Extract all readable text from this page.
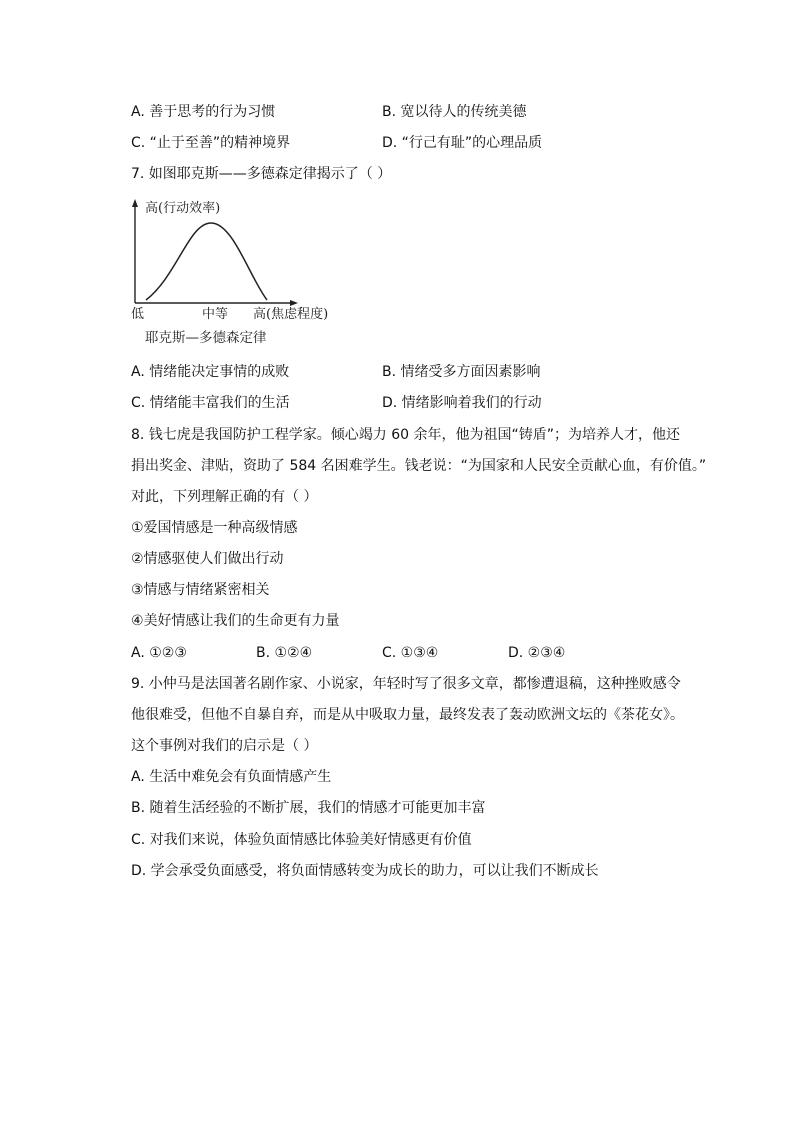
A. 善于思考的行为习惯	B. 宽以待人的传统美德
C. “止于至善”的精神境界	D. “行己有耻”的心理品质
7. 如图耶克斯——多德森定律揭示了（ ）
高(行动效率)
低	中等 高(焦虑程度)
耶克斯—多德森定律
A. 情绪能决定事情的成败	B. 情绪受多方面因素影响
C. 情绪能丰富我们的生活	D. 情绪影响着我们的行动
8. 钱七虎是我国防护工程学家。倾心竭力 60 余年，他为祖国“铸盾”；为培养人才，他还
捐出奖金、津贴，资助了 584 名困难学生。钱老说：“为国家和人民安全贡献心血，有价值。”
对此，下列理解正确的有（ ）
①爱国情感是一种高级情感
②情感驱使人们做出行动
③情感与情绪紧密相关
④美好情感让我们的生命更有力量
A. ①②③	B. ①②④	C. ①③④	D. ②③④
9. 小仲马是法国著名剧作家、小说家，年轻时写了很多文章，都惨遭退稿，这种挫败感令
他很难受，但他不自暴自弃，而是从中吸取力量，最终发表了轰动欧洲文坛的《茶花女》。
这个事例对我们的启示是（ ）
A. 生活中难免会有负面情感产生
B. 随着生活经验的不断扩展，我们的情感才可能更加丰富
C. 对我们来说，体验负面情感比体验美好情感更有价值
D. 学会承受负面感受，将负面情感转变为成长的助力，可以让我们不断成长
